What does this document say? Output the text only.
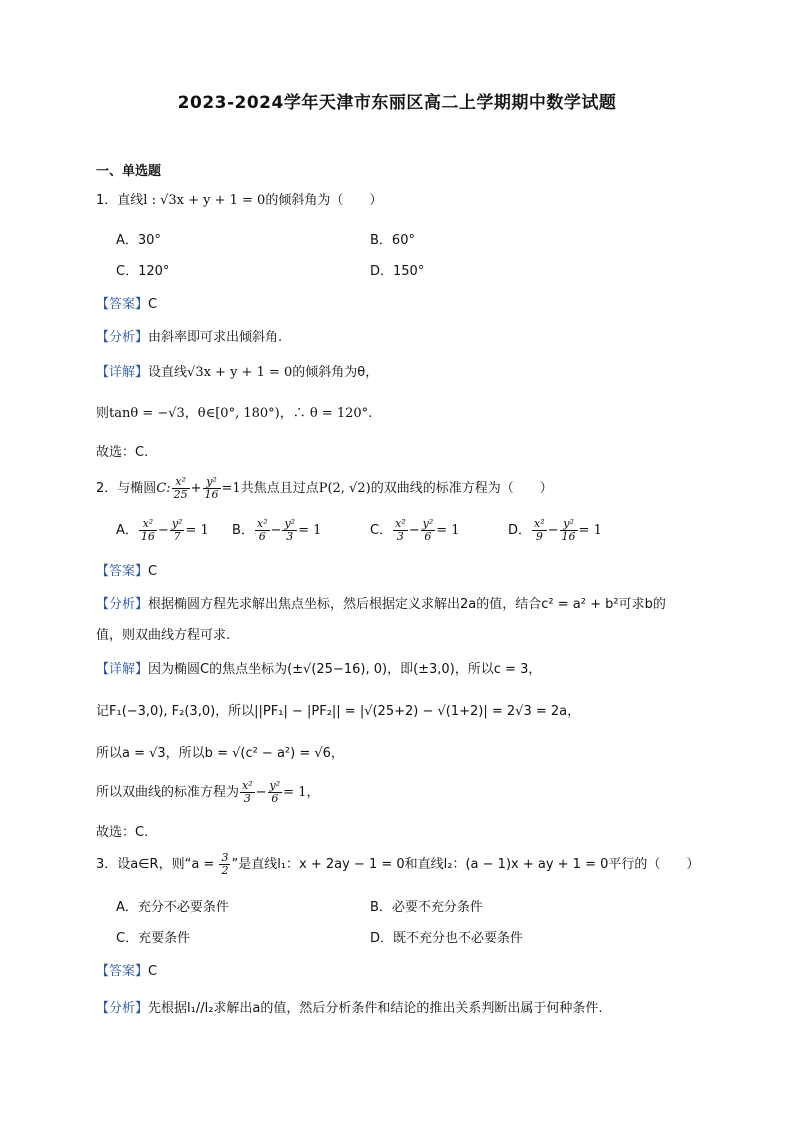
2023-2024学年天津市东丽区高二上学期期中数学试题
一、单选题
1．直线l : √3x + y + 1 = 0的倾斜角为（　　）
A．30°	B．60°
C．120°	D．150°
【答案】C
【分析】由斜率即可求出倾斜角.
【详解】设直线√3x + y + 1 = 0的倾斜角为θ，
则tanθ = −√3，θ∈[0°, 180°)，∴ θ = 120°.
故选：C.
2．与椭圆C: $\frac{\text{x²}}{25} + \frac{\text{y²}}{16} =1$共焦点且过点P(2, √2)的双曲线的标准方程为（　　）
A． $\frac{\text{x²}}{16} - \frac{\text{y²}}{7} = 1$ B． $\frac{\text{x²}}{6} - \frac{\text{y²}}{3} = 1$	C． $\frac{\text{x²}}{3} - \frac{\text{y²}}{6} = 1$	D． $\frac{\text{x²}}{9} - \frac{\text{y²}}{16} = 1$
【答案】C
【分析】根据椭圆方程先求解出焦点坐标，然后根据定义求解出2a的值，结合c² = a² + b²可求b的
值，则双曲线方程可求.
【详解】因为椭圆C的焦点坐标为(±√(25−16), 0)，即(±3,0)，所以c = 3，
记F₁(−3,0), F₂(3,0)，所以||PF₁| − |PF₂|| = |√(25+2) − √(1+2)| = 2√3 = 2a，
所以a = √3，所以b = √(c² − a²) = √6，
所以双曲线的标准方程为 $\frac{\text{x²}}{3} - \frac{\text{y²}}{6} = 1$，
故选：C.
3．设a∈R，则“$a = \frac{3}{2}$ ”是直线l₁：x + 2ay − 1 = 0和直线l₂：(a − 1)x + ay + 1 = 0平行的（　　）
A．充分不必要条件	B．必要不充分条件
C．充要条件	D．既不充分也不必要条件
【答案】C
【分析】先根据l₁//l₂求解出a的值，然后分析条件和结论的推出关系判断出属于何种条件.
